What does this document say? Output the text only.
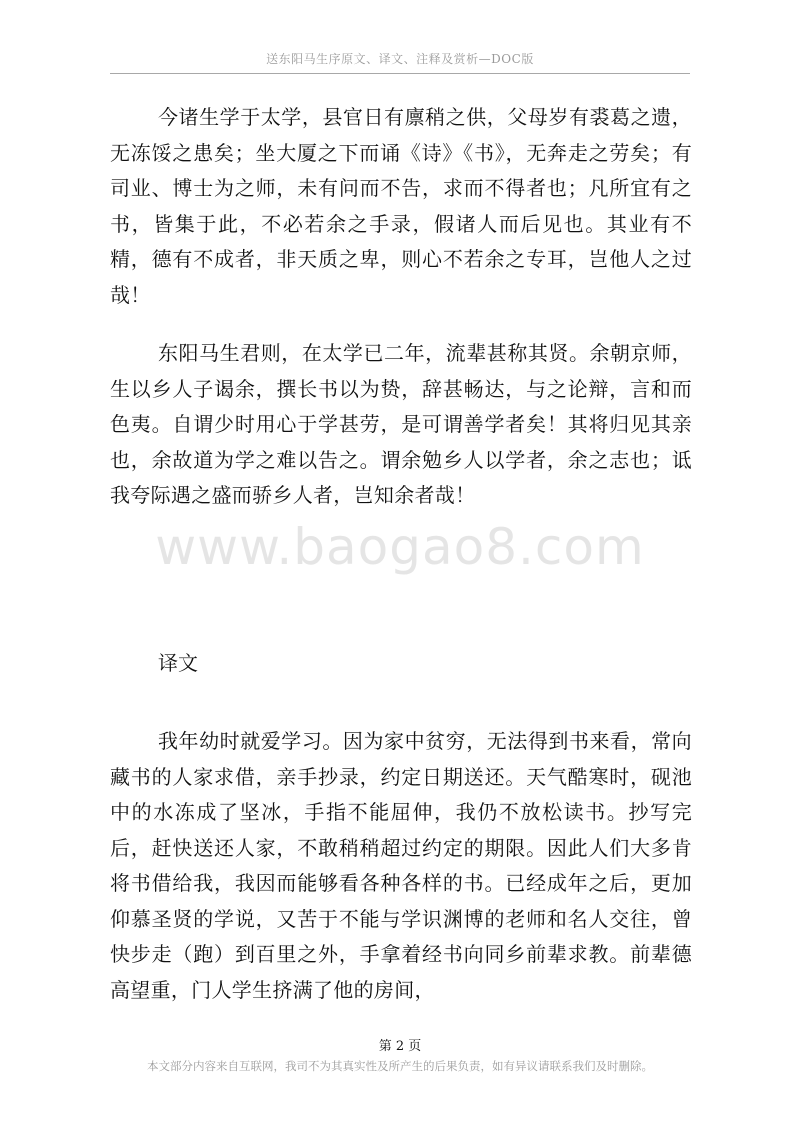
送东阳马生序原文、译文、注释及赏析—DOC版
www.baogao8.com

今诸生学于太学，县官日有廪稍之供，父母岁有裘葛之遗，无冻馁之患矣；坐大厦之下而诵《诗》《书》，无奔走之劳矣；有司业、博士为之师，未有问而不告，求而不得者也；凡所宜有之书，皆集于此，不必若余之手录，假诸人而后见也。其业有不精，德有不成者，非天质之卑，则心不若余之专耳，岂他人之过哉！

东阳马生君则，在太学已二年，流辈甚称其贤。余朝京师，生以乡人子谒余，撰长书以为贽，辞甚畅达，与之论辩，言和而色夷。自谓少时用心于学甚劳，是可谓善学者矣！其将归见其亲也，余故道为学之难以告之。谓余勉乡人以学者，余之志也；诋我夸际遇之盛而骄乡人者，岂知余者哉！

译文

我年幼时就爱学习。因为家中贫穷，无法得到书来看，常向藏书的人家求借，亲手抄录，约定日期送还。天气酷寒时，砚池中的水冻成了坚冰，手指不能屈伸，我仍不放松读书。抄写完后，赶快送还人家，不敢稍稍超过约定的期限。因此人们大多肯将书借给我，我因而能够看各种各样的书。已经成年之后，更加仰慕圣贤的学说，又苦于不能与学识渊博的老师和名人交往，曾快步走（跑）到百里之外，手拿着经书向同乡前辈求教。前辈德高望重，门人学生挤满了他的房间，

第 2 页
本文部分内容来自互联网，我司不为其真实性及所产生的后果负责，如有异议请联系我们及时删除。
